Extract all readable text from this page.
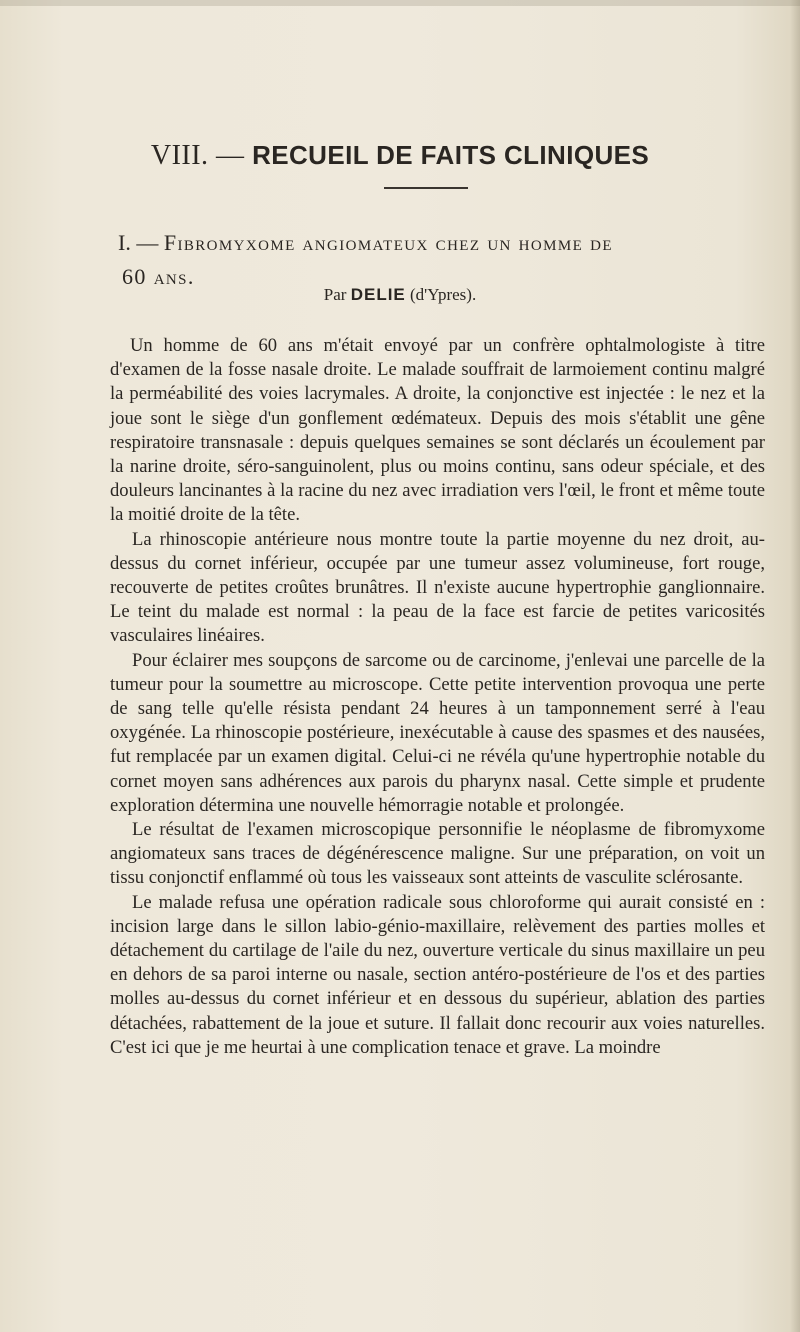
VIII. — RECUEIL DE FAITS CLINIQUES
I. — Fibromyxome angiomateux chez un homme de
60 ans.
Par DELIE (d'Ypres).

Un homme de 60 ans m'était envoyé par un confrère ophtalmologiste à titre d'examen de la fosse nasale droite. Le malade souffrait de larmoiement continu malgré la perméabilité des voies lacrymales. A droite, la conjonctive est injectée : le nez et la joue sont le siège d'un gonflement œdémateux. Depuis des mois s'établit une gêne respiratoire transnasale : depuis quelques semaines se sont déclarés un écoulement par la narine droite, séro-sanguinolent, plus ou moins continu, sans odeur spéciale, et des douleurs lancinantes à la racine du nez avec irradiation vers l'œil, le front et même toute la moitié droite de la tête.

La rhinoscopie antérieure nous montre toute la partie moyenne du nez droit, au-dessus du cornet inférieur, occupée par une tumeur assez volumineuse, fort rouge, recouverte de petites croûtes brunâtres. Il n'existe aucune hypertrophie ganglionnaire. Le teint du malade est normal : la peau de la face est farcie de petites varicosités vasculaires linéaires.

Pour éclairer mes soupçons de sarcome ou de carcinome, j'enlevai une parcelle de la tumeur pour la soumettre au microscope. Cette petite intervention provoqua une perte de sang telle qu'elle résista pendant 24 heures à un tamponnement serré à l'eau oxygénée. La rhinoscopie postérieure, inexécutable à cause des spasmes et des nausées, fut remplacée par un examen digital. Celui-ci ne révéla qu'une hypertrophie notable du cornet moyen sans adhérences aux parois du pharynx nasal. Cette simple et prudente exploration détermina une nouvelle hémorragie notable et prolongée.

Le résultat de l'examen microscopique personnifie le néoplasme de fibromyxome angiomateux sans traces de dégénérescence maligne. Sur une préparation, on voit un tissu conjonctif enflammé où tous les vaisseaux sont atteints de vasculite sclérosante.

Le malade refusa une opération radicale sous chloroforme qui aurait consisté en : incision large dans le sillon labio-génio-maxillaire, relèvement des parties molles et détachement du cartilage de l'aile du nez, ouverture verticale du sinus maxillaire un peu en dehors de sa paroi interne ou nasale, section antéro-postérieure de l'os et des parties molles au-dessus du cornet inférieur et en dessous du supérieur, ablation des parties détachées, rabattement de la joue et suture. Il fallait donc recourir aux voies naturelles. C'est ici que je me heurtai à une complication tenace et grave. La moindre
